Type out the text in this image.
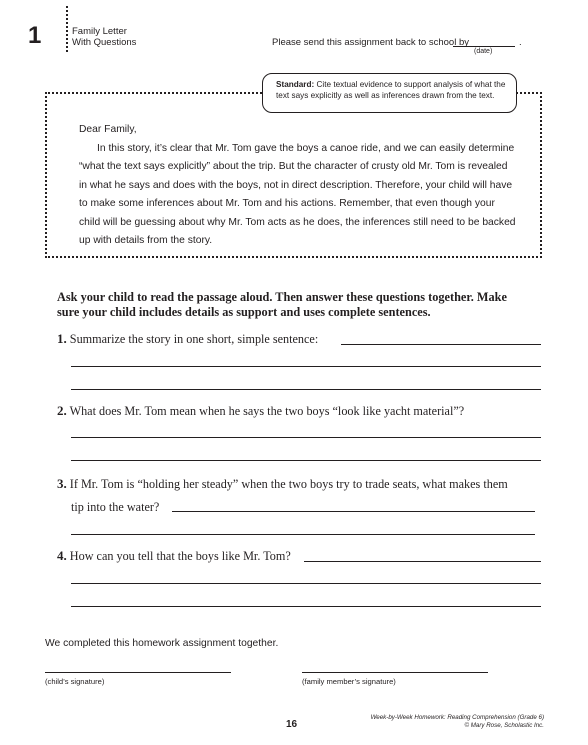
1	Family Letter
With Questions	Please send this assignment back to school by	.
(date)
Standard: Cite textual evidence to support analysis of what the text says explicitly as well as inferences drawn from the text.

Dear Family,

In this story, it’s clear that Mr. Tom gave the boys a canoe ride, and we can easily determine “what the text says explicitly” about the trip. But the character of crusty old Mr. Tom is revealed in what he says and does with the boys, not in direct description. Therefore, your child will have to make some inferences about Mr. Tom and his actions. Remember, that even though your child will be guessing about why Mr. Tom acts as he does, the inferences still need to be backed up with details from the story.

Ask your child to read the passage aloud. Then answer these questions together. Make sure your child includes details as support and uses complete sentences.
1. Summarize the story in one short, simple sentence:
2. What does Mr. Tom mean when he says the two boys “look like yacht material”?
3. If Mr. Tom is “holding her steady” when the two boys try to trade seats, what makes them
tip into the water?
4. How can you tell that the boys like Mr. Tom?
We completed this homework assignment together.
(child’s signature)	(family member’s signature)
16
Week-by-Week Homework: Reading Comprehension (Grade 6)
© Mary Rose, Scholastic Inc.
